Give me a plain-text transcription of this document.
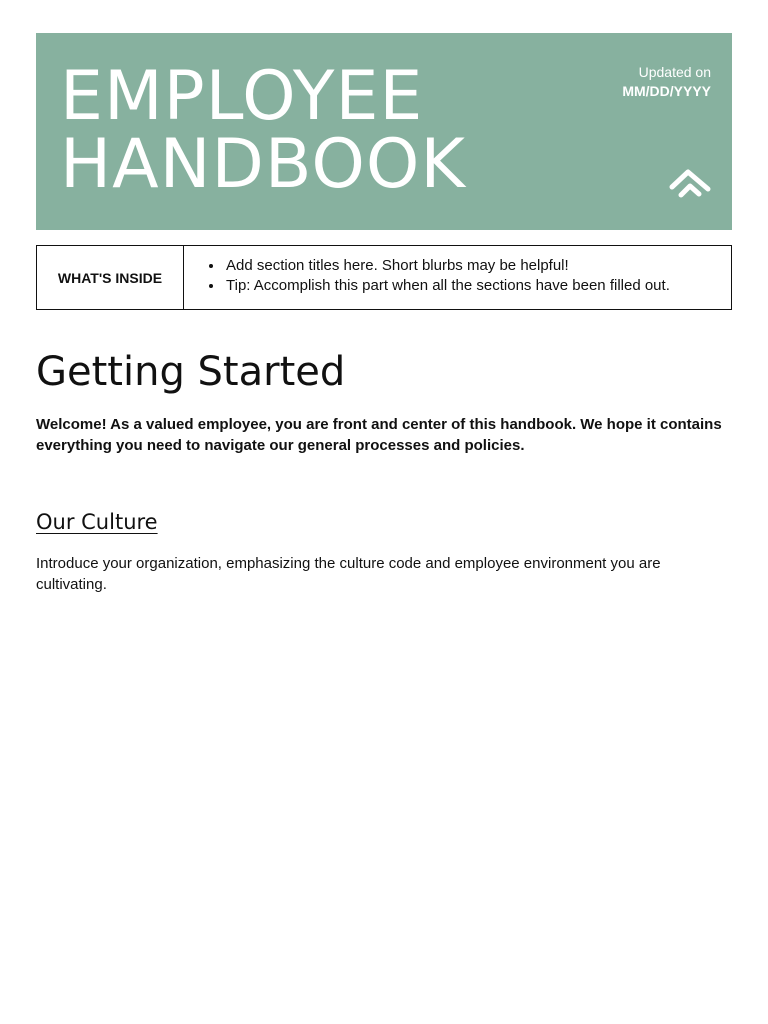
EMPLOYEE
HANDBOOK
Updated on
MM/DD/YYYY
WHAT'S INSIDE
• Add section titles here. Short blurbs may be helpful!
• Tip: Accomplish this part when all the sections have been filled out.
Getting Started

Welcome! As a valued employee, you are front and center of this handbook. We hope it contains everything you need to navigate our general processes and policies.

Our Culture

Introduce your organization, emphasizing the culture code and employee environment you are cultivating.
